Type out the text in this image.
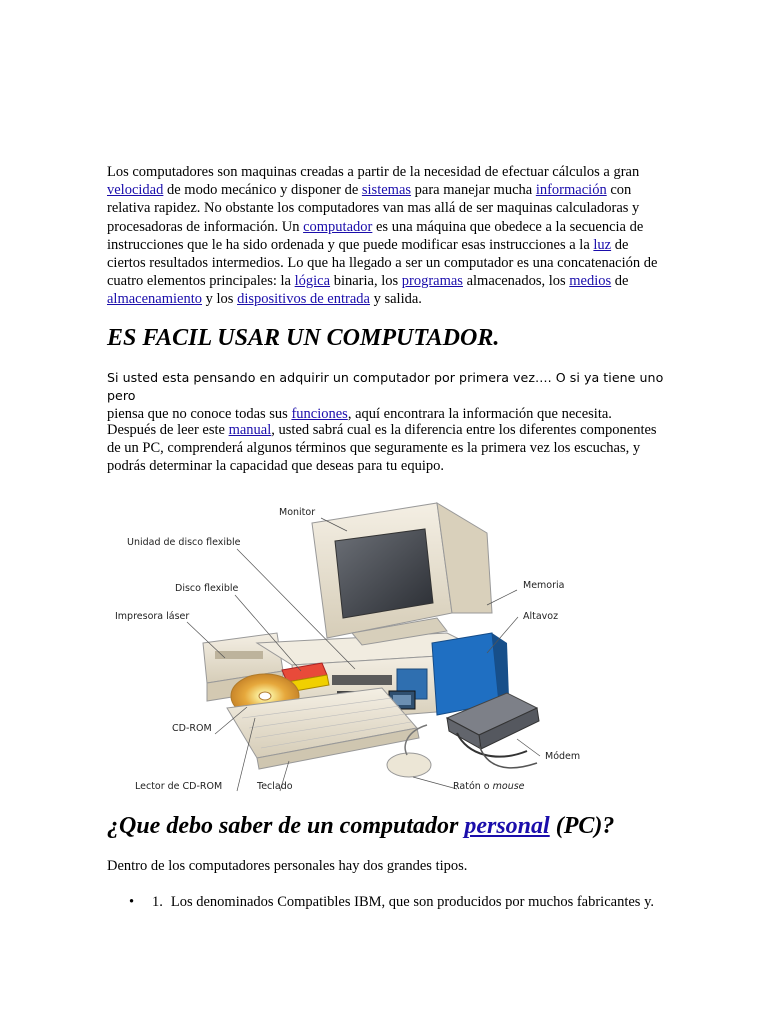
Los computadores son maquinas creadas a partir de la necesidad de efectuar cálculos a gran velocidad de modo mecánico y disponer de sistemas para manejar mucha información con relativa rapidez. No obstante los computadores van mas allá de ser maquinas calculadoras y procesadoras de información. Un computador es una máquina que obedece a la secuencia de instrucciones que le ha sido ordenada y que puede modificar esas instrucciones a la luz de ciertos resultados intermedios. Lo que ha llegado a ser un computador es una concatenación de cuatro elementos principales: la lógica binaria, los programas almacenados, los medios de almacenamiento y los dispositivos de entrada y salida.

ES FACIL USAR UN COMPUTADOR.

Si usted esta pensando en adquirir un computador por primera vez…. O si ya tiene uno pero
piensa que no conoce todas sus funciones, aquí encontrara la información que necesita.

Después de leer este manual, usted sabrá cual es la diferencia entre los diferentes componentes de un PC, comprenderá algunos términos que seguramente es la primera vez los escuchas, y podrás determinar la capacidad que deseas para tu equipo.

Monitor
Unidad de disco flexible
Disco flexible
Impresora láser
CD-ROM
Lector de CD-ROM	Teclado	Ratón o mouse
Memoria
Altavoz
Módem
¿Que debo saber de un computador personal (PC)?

Dentro de los computadores personales hay dos grandes tipos.

• 1. Los denominados Compatibles IBM, que son producidos por muchos fabricantes y.
